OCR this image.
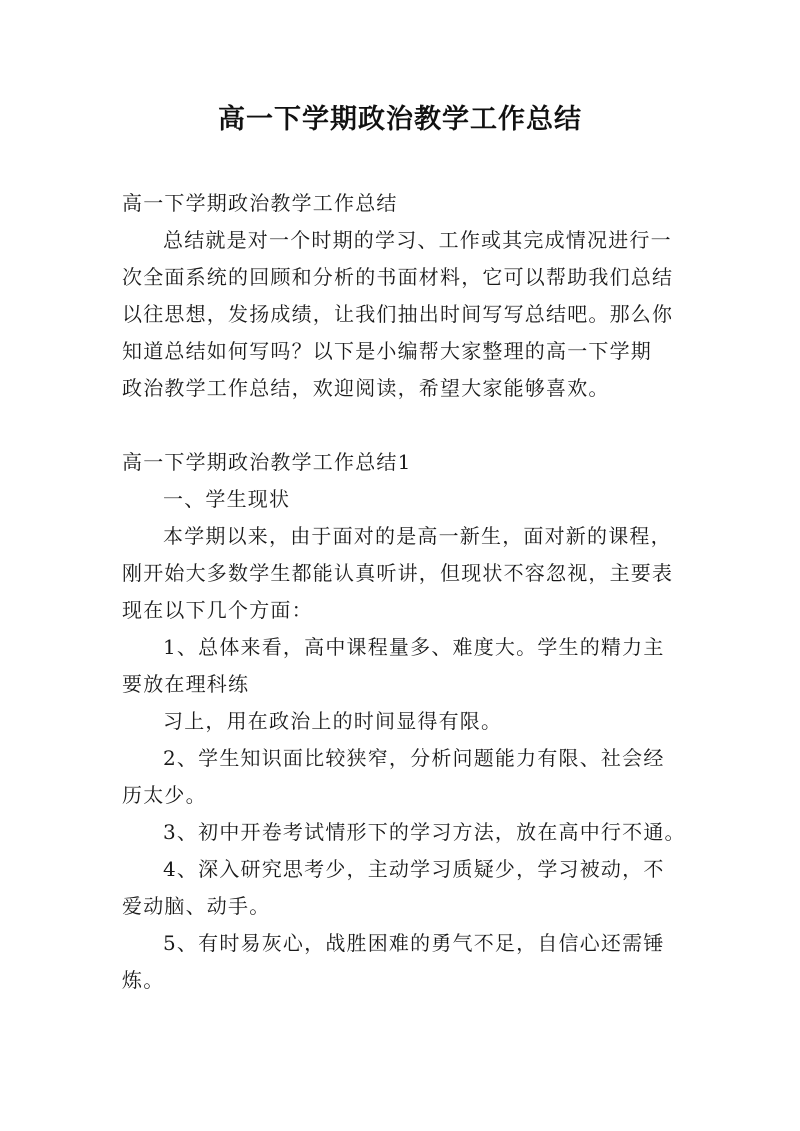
高一下学期政治教学工作总结
高一下学期政治教学工作总结
总结就是对一个时期的学习、工作或其完成情况进行一
次全面系统的回顾和分析的书面材料，它可以帮助我们总结
以往思想，发扬成绩，让我们抽出时间写写总结吧。那么你
知道总结如何写吗？以下是小编帮大家整理的高一下学期
政治教学工作总结，欢迎阅读，希望大家能够喜欢。
高一下学期政治教学工作总结1
一、学生现状
本学期以来，由于面对的是高一新生，面对新的课程，
刚开始大多数学生都能认真听讲，但现状不容忽视，主要表
现在以下几个方面：
1、总体来看，高中课程量多、难度大。学生的精力主
要放在理科练
习上，用在政治上的时间显得有限。
2、学生知识面比较狭窄，分析问题能力有限、社会经
历太少。
3、初中开卷考试情形下的学习方法，放在高中行不通。
4、深入研究思考少，主动学习质疑少，学习被动，不
爱动脑、动手。
5、有时易灰心，战胜困难的勇气不足，自信心还需锤
炼。
